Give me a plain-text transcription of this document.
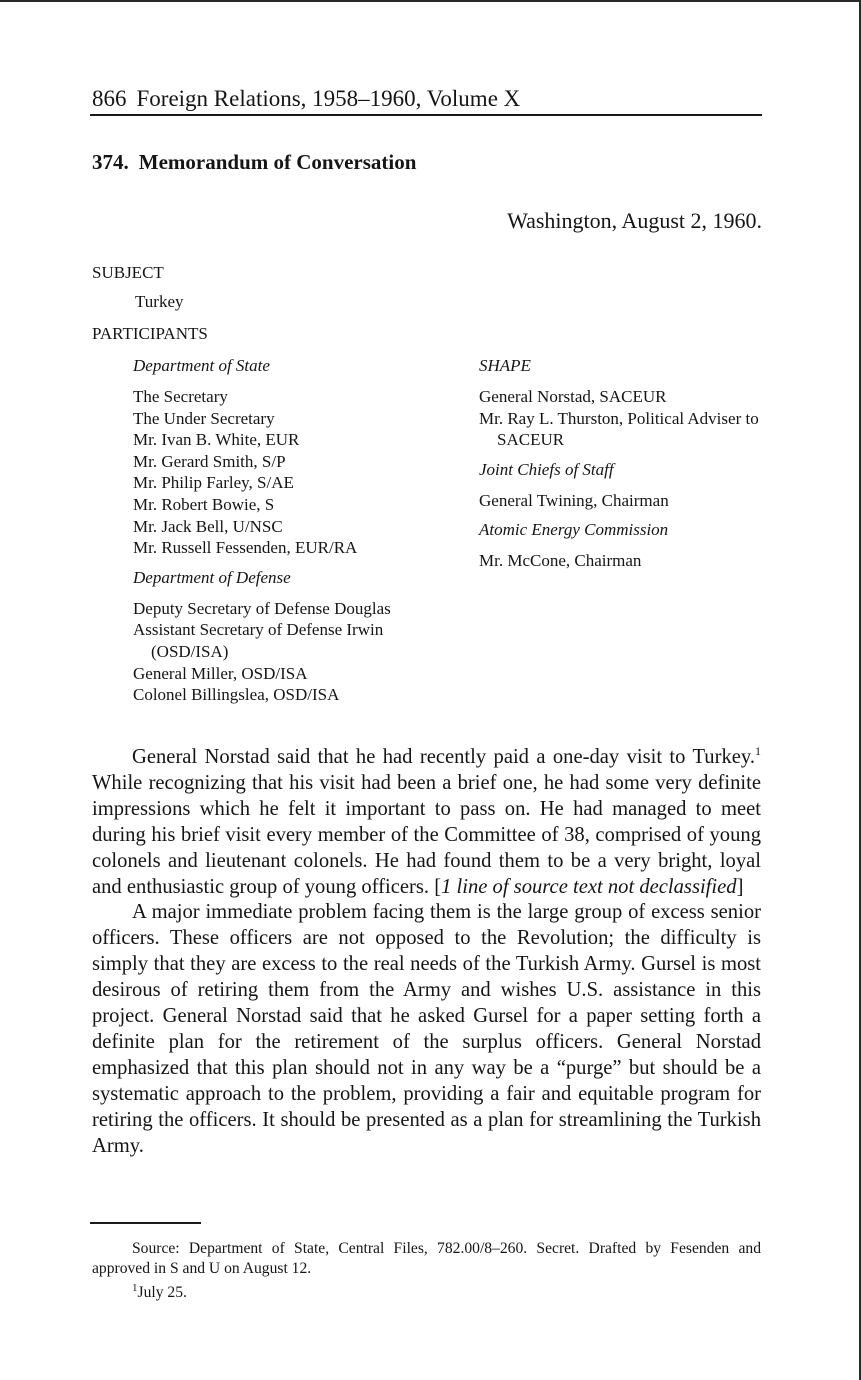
866 Foreign Relations, 1958–1960, Volume X
374. Memorandum of Conversation
Washington, August 2, 1960.
SUBJECT
Turkey
PARTICIPANTS
Department of State
The Secretary
The Under Secretary
Mr. Ivan B. White, EUR
Mr. Gerard Smith, S/P
Mr. Philip Farley, S/AE
Mr. Robert Bowie, S
Mr. Jack Bell, U/NSC
Mr. Russell Fessenden, EUR/RA
Department of Defense
Deputy Secretary of Defense Douglas
Assistant Secretary of Defense Irwin (OSD/ISA)
General Miller, OSD/ISA
Colonel Billingslea, OSD/ISA
SHAPE
General Norstad, SACEUR
Mr. Ray L. Thurston, Political Adviser to SACEUR
Joint Chiefs of Staff
General Twining, Chairman
Atomic Energy Commission
Mr. McCone, Chairman

General Norstad said that he had recently paid a one-day visit to Turkey.$^1$ While recognizing that his visit had been a brief one, he had some very definite impressions which he felt it important to pass on. He had managed to meet during his brief visit every member of the Committee of 38, comprised of young colonels and lieutenant colonels. He had found them to be a very bright, loyal and enthusiastic group of young officers. [1 line of source text not declassified]

A major immediate problem facing them is the large group of excess senior officers. These officers are not opposed to the Revolution; the difficulty is simply that they are excess to the real needs of the Turkish Army. Gursel is most desirous of retiring them from the Army and wishes U.S. assistance in this project. General Norstad said that he asked Gursel for a paper setting forth a definite plan for the retirement of the surplus officers. General Norstad emphasized that this plan should not in any way be a “purge” but should be a systematic approach to the problem, providing a fair and equitable program for retiring the officers. It should be presented as a plan for streamlining the Turkish Army.

Source: Department of State, Central Files, 782.00/8–260. Secret. Drafted by Fesenden and approved in S and U on August 12.

$^1$July 25.
